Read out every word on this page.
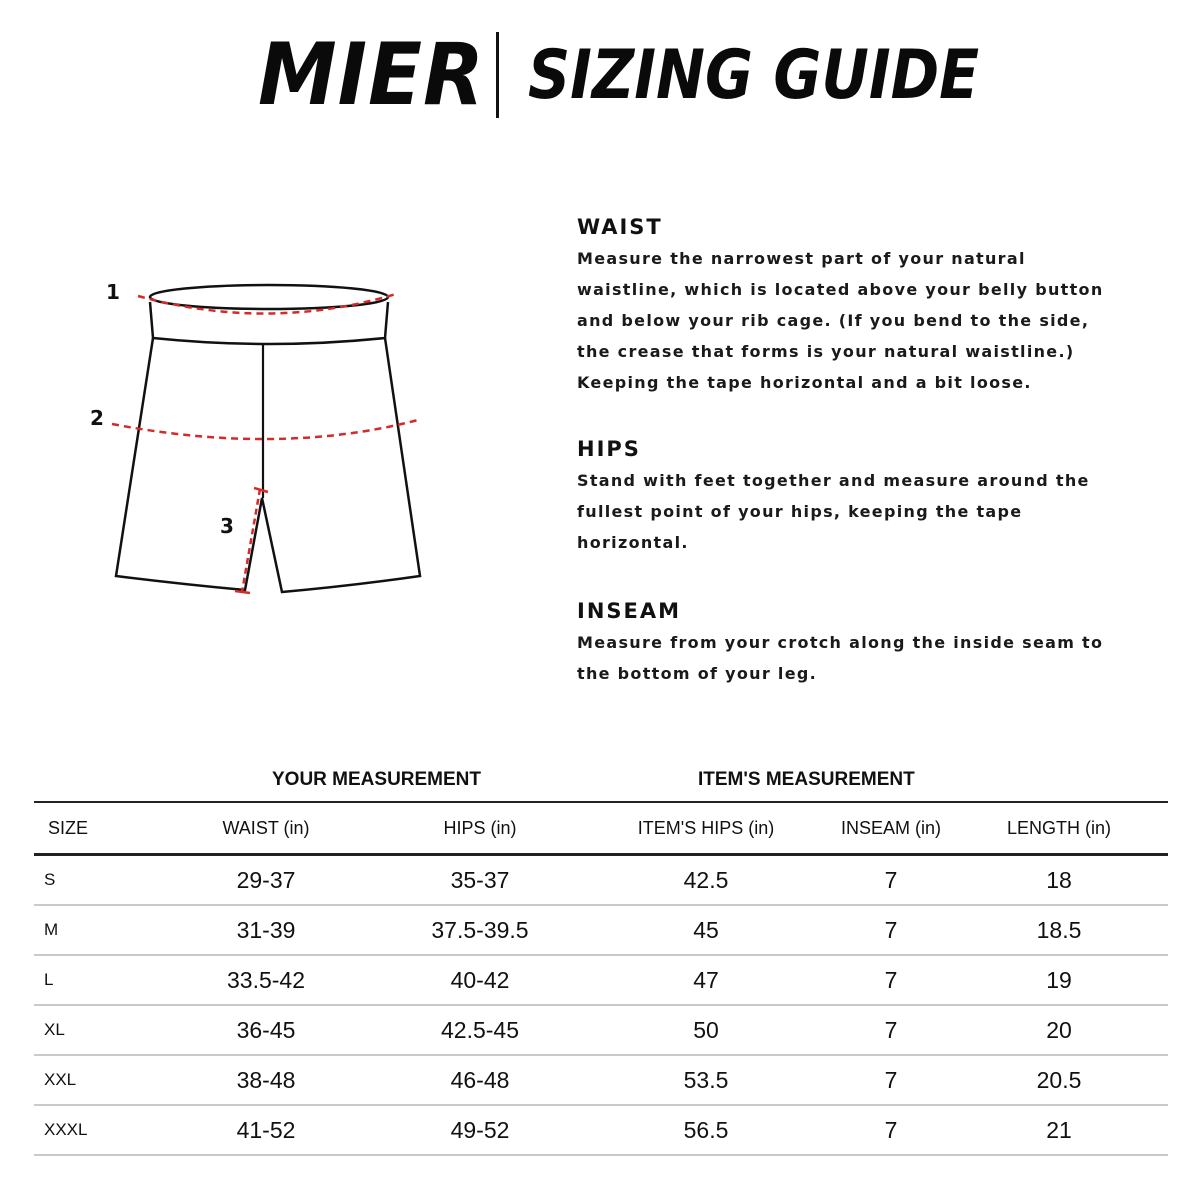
MIER SIZING GUIDE
1
2
3
WAIST

Measure the narrowest part of your natural
waistline, which is located above your belly button
and below your rib cage. (If you bend to the side,
the crease that forms is your natural waistline.)
Keeping the tape horizontal and a bit loose.

HIPS

Stand with feet together and measure around the
fullest point of your hips, keeping the tape
horizontal.

INSEAM

Measure from your crotch along the inside seam to
the bottom of your leg.

YOUR MEASUREMENT	ITEM'S MEASUREMENT
SIZE	WAIST (in)	HIPS (in)	ITEM'S HIPS (in)	INSEAM (in)	LENGTH (in)
S	29-37	35-37	42.5	7	18
M	31-39	37.5-39.5	45	7	18.5
L	33.5-42	40-42	47	7	19
XL	36-45	42.5-45	50	7	20
XXL	38-48	46-48	53.5	7	20.5
XXXL	41-52	49-52	56.5	7	21
